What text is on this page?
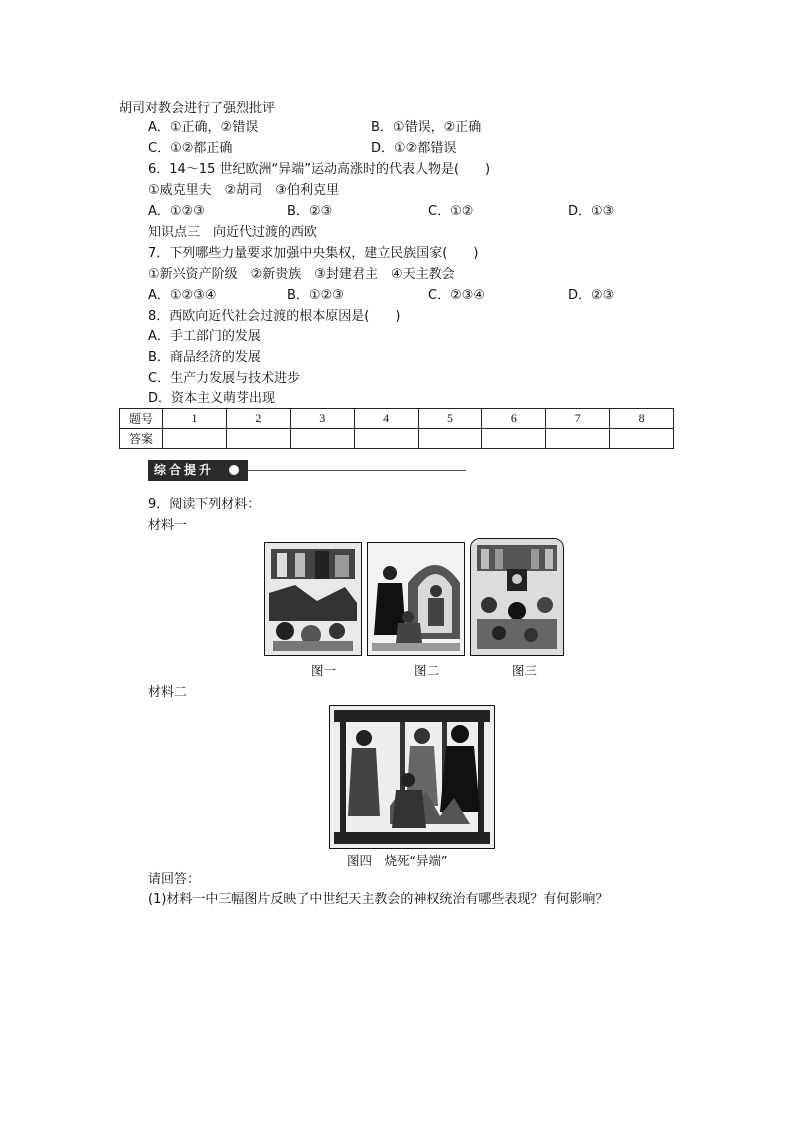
胡司对教会进行了强烈批评
A．①正确，②错误	B．①错误，②正确
C．①②都正确	D．①②都错误
6．14～15 世纪欧洲“异端”运动高涨时的代表人物是(　　)
①威克里夫　②胡司　③伯利克里
A．①②③	B．②③	C．①②	D．①③
知识点三　向近代过渡的西欧
7．下列哪些力量要求加强中央集权，建立民族国家(　　)
①新兴资产阶级　②新贵族　③封建君主　④天主教会
A．①②③④	B．①②③	C．②③④	D．②③
8．西欧向近代社会过渡的根本原因是(　　)
A．手工部门的发展
B．商品经济的发展
C．生产力发展与技术进步
D．资本主义萌芽出现
题号	1	2	3	4	5	6	7	8
答案								
综合提升
9．阅读下列材料：
材料一
图一	图二	图三
材料二
图四　烧死“异端”
请回答：
(1)材料一中三幅图片反映了中世纪天主教会的神权统治有哪些表现？有何影响？
